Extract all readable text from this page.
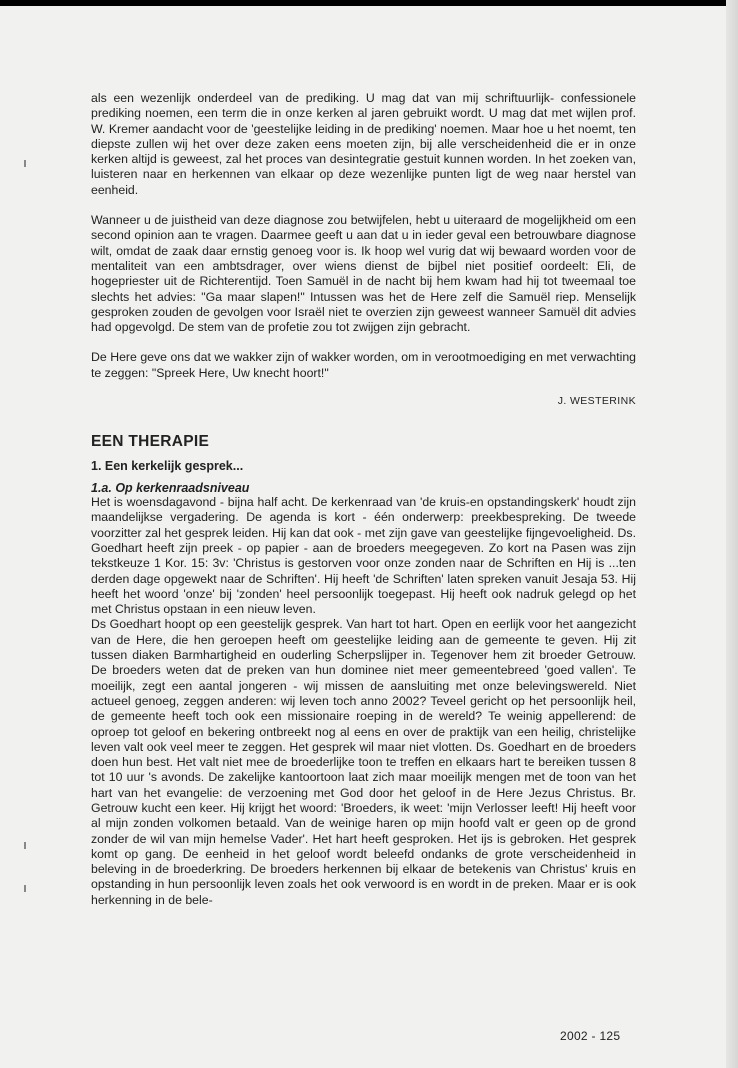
als een wezenlijk onderdeel van de prediking. U mag dat van mij schriftuurlijk- confessionele prediking noemen, een term die in onze kerken al jaren gebruikt wordt. U mag dat met wijlen prof. W. Kremer aandacht voor de 'geestelijke leiding in de prediking' noemen. Maar hoe u het noemt, ten diepste zullen wij het over deze zaken eens moeten zijn, bij alle verscheidenheid die er in onze kerken altijd is geweest, zal het proces van desintegratie gestuit kunnen worden. In het zoeken van, luisteren naar en herkennen van elkaar op deze wezenlijke punten ligt de weg naar herstel van eenheid.

Wanneer u de juistheid van deze diagnose zou betwijfelen, hebt u uiteraard de mogelijkheid om een second opinion aan te vragen. Daarmee geeft u aan dat u in ieder geval een betrouwbare diagnose wilt, omdat de zaak daar ernstig genoeg voor is. Ik hoop wel vurig dat wij bewaard worden voor de mentaliteit van een ambtsdrager, over wiens dienst de bijbel niet positief oordeelt: Eli, de hogepriester uit de Richterentijd. Toen Samuël in de nacht bij hem kwam had hij tot tweemaal toe slechts het advies: "Ga maar slapen!" Intussen was het de Here zelf die Samuël riep. Menselijk gesproken zouden de gevolgen voor Israël niet te overzien zijn geweest wanneer Samuël dit advies had opgevolgd. De stem van de profetie zou tot zwijgen zijn gebracht.

De Here geve ons dat we wakker zijn of wakker worden, om in verootmoediging en met verwachting te zeggen: "Spreek Here, Uw knecht hoort!"

J. WESTERINK
EEN THERAPIE
1. Een kerkelijk gesprek...
1.a. Op kerkenraadsniveau

Het is woensdagavond - bijna half acht. De kerkenraad van 'de kruis-en opstandingskerk' houdt zijn maandelijkse vergadering. De agenda is kort - één onderwerp: preekbespreking. De tweede voorzitter zal het gesprek leiden. Hij kan dat ook - met zijn gave van geestelijke fijngevoeligheid. Ds. Goedhart heeft zijn preek - op papier - aan de broeders meegegeven. Zo kort na Pasen was zijn tekstkeuze 1 Kor. 15: 3v: 'Christus is gestorven voor onze zonden naar de Schriften en Hij is ...ten derden dage opgewekt naar de Schriften'. Hij heeft 'de Schriften' laten spreken vanuit Jesaja 53. Hij heeft het woord 'onze' bij 'zonden' heel persoonlijk toegepast. Hij heeft ook nadruk gelegd op het met Christus opstaan in een nieuw leven.

Ds Goedhart hoopt op een geestelijk gesprek. Van hart tot hart. Open en eerlijk voor het aangezicht van de Here, die hen geroepen heeft om geestelijke leiding aan de gemeente te geven. Hij zit tussen diaken Barmhartigheid en ouderling Scherpslijper in. Tegenover hem zit broeder Getrouw. De broeders weten dat de preken van hun dominee niet meer gemeentebreed 'goed vallen'. Te moeilijk, zegt een aantal jongeren - wij missen de aansluiting met onze belevingswereld. Niet actueel genoeg, zeggen anderen: wij leven toch anno 2002? Teveel gericht op het persoonlijk heil, de gemeente heeft toch ook een missionaire roeping in de wereld? Te weinig appellerend: de oproep tot geloof en bekering ontbreekt nog al eens en over de praktijk van een heilig, christelijke leven valt ook veel meer te zeggen. Het gesprek wil maar niet vlotten. Ds. Goedhart en de broeders doen hun best. Het valt niet mee de broederlijke toon te treffen en elkaars hart te bereiken tussen 8 tot 10 uur 's avonds. De zakelijke kantoortoon laat zich maar moeilijk mengen met de toon van het hart van het evangelie: de verzoening met God door het geloof in de Here Jezus Christus. Br. Getrouw kucht een keer. Hij krijgt het woord: 'Broeders, ik weet: 'mijn Verlosser leeft! Hij heeft voor al mijn zonden volkomen betaald. Van de weinige haren op mijn hoofd valt er geen op de grond zonder de wil van mijn hemelse Vader'. Het hart heeft gesproken. Het ijs is gebroken. Het gesprek komt op gang. De eenheid in het geloof wordt beleefd ondanks de grote verscheidenheid in beleving in de broederkring. De broeders herkennen bij elkaar de betekenis van Christus' kruis en opstanding in hun persoonlijk leven zoals het ook verwoord is en wordt in de preken. Maar er is ook herkenning in de bele-

2002 - 125
